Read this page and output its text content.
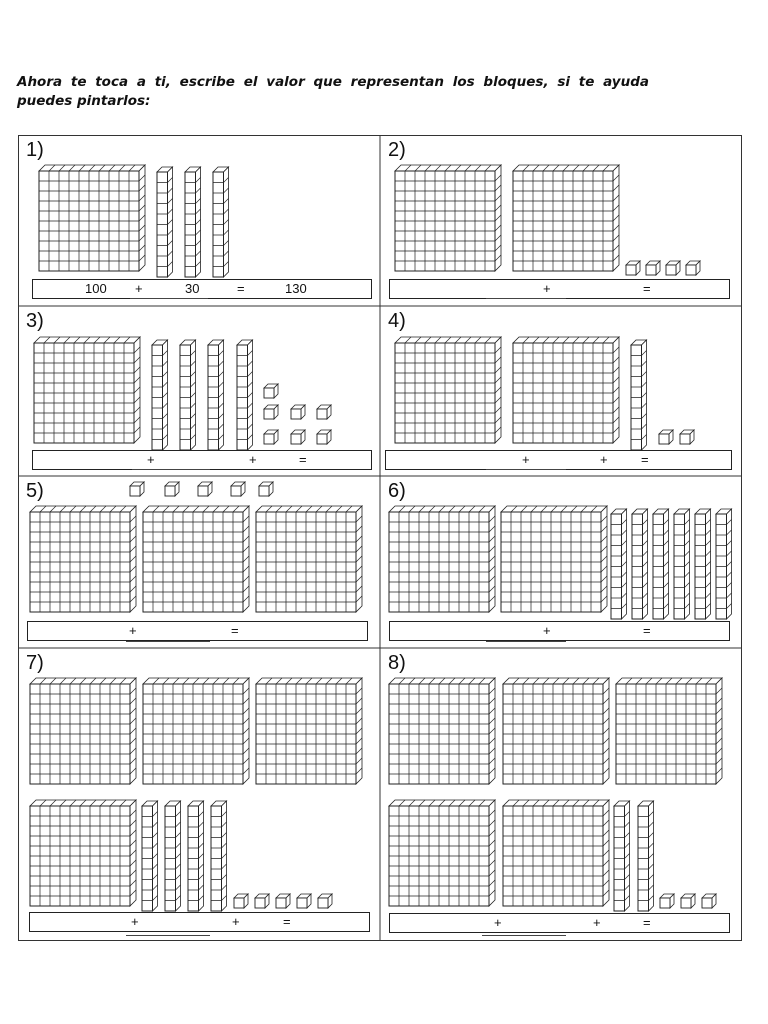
Ahora te toca a ti, escribe el valor que representan los bloques, si te ayuda puedes pintarlos:
1)
100 +	30	=	130
2)
+	=
3)
+	+	=
4)
+	+	=
5)
+	=
6)
+	=
7)
+	+	=
8)
+	+	=
